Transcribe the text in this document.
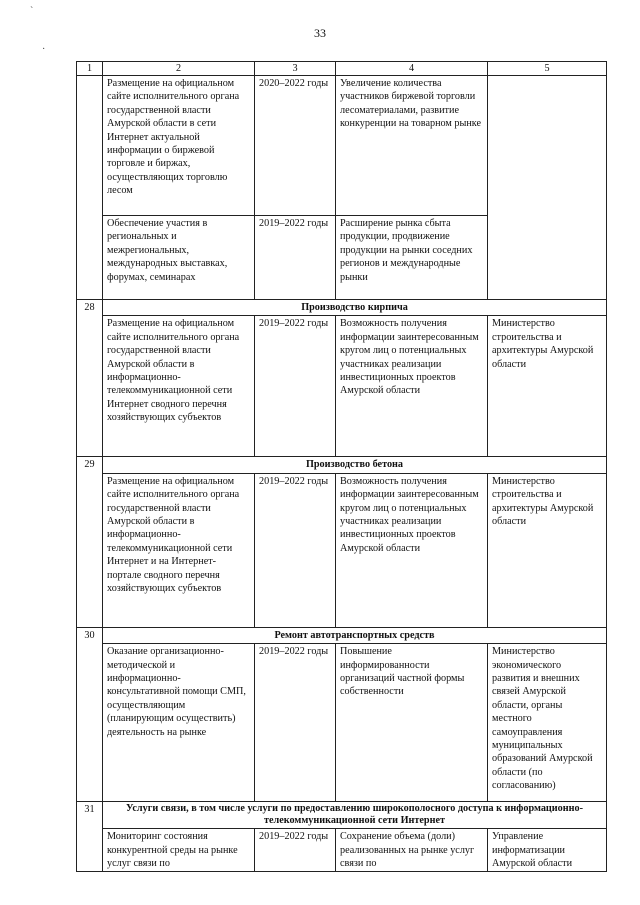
33
`
·
1	2	3	4	5
	Размещение на официальном сайте исполнительного органа государственной власти Амурской области в сети Интернет актуальной информации о биржевой торговле и биржах, осуществляющих торговлю лесом	2020–2022 годы	Увеличение количества участников биржевой торговли лесоматериалами, развитие конкуренции на товарном рынке	
	Обеспечение участия в региональных и межрегиональных, международных выставках, форумах, семинарах	2019–2022 годы	Расширение рынка сбыта продукции, продвижение продукции на рынки соседних регионов и международные рынки	
28	Производство кирпича			
	Размещение на официальном сайте исполнительного органа государственной власти Амурской области в информационно-телекоммуникационной сети Интернет сводного перечня хозяйствующих субъектов	2019–2022 годы	Возможность получения информации заинтересованным кругом лиц о потенциальных участниках реализации инвестиционных проектов Амурской области	Министерство строительства и архитектуры Амурской области
29	Производство бетона			
	Размещение на официальном сайте исполнительного органа государственной власти Амурской области в информационно-телекоммуникационной сети Интернет и на Интернет-портале сводного перечня хозяйствующих субъектов	2019–2022 годы	Возможность получения информации заинтересованным кругом лиц о потенциальных участниках реализации инвестиционных проектов Амурской области	Министерство строительства и архитектуры Амурской области
30	Ремонт автотранспортных средств			
	Оказание организационно-методической и информационно-консультативной помощи СМП, осуществляющим (планирующим осуществить) деятельность на рынке	2019–2022 годы	Повышение информированности организаций частной формы собственности	Министерство экономического развития и внешних связей Амурской области, органы местного самоуправления муниципальных образований Амурской области (по согласованию)
31	Услуги связи, в том числе услуги по предоставлению широкополосного доступа к информационно-телекоммуникационной сети Интернет			
	Мониторинг состояния конкурентной среды на рынке услуг связи по	2019–2022 годы	Сохранение объема (доли) реализованных на рынке услуг связи по	Управление информатизации Амурской области
